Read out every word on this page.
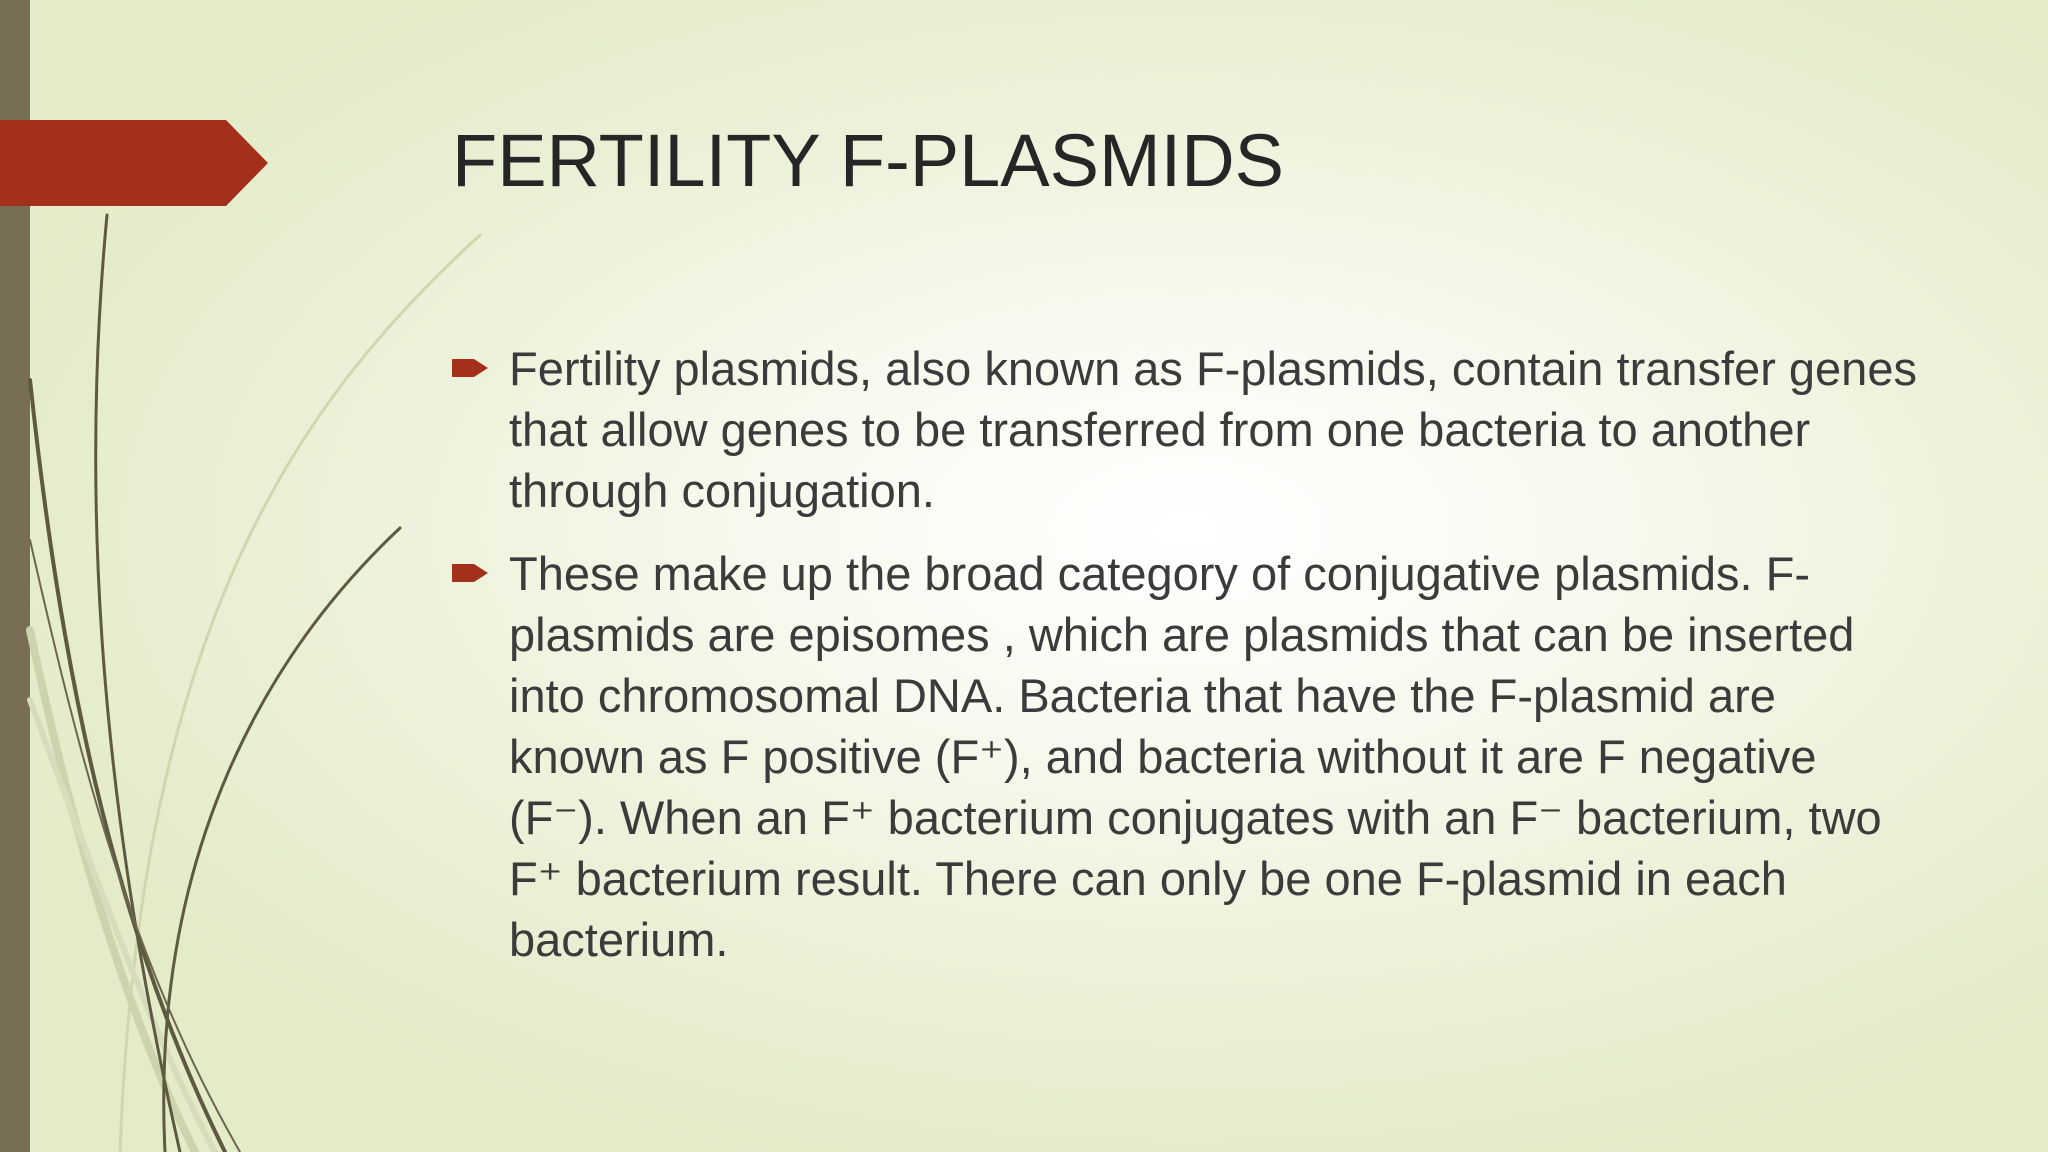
FERTILITY F-PLASMIDS
Fertility plasmids, also known as F-plasmids, contain transfer genes that allow genes to be transferred from one bacteria to another through conjugation.
These make up the broad category of conjugative plasmids. F-plasmids are episomes , which are plasmids that can be inserted into chromosomal DNA. Bacteria that have the F-plasmid are known as F positive (F⁺), and bacteria without it are F negative (F⁻). When an F⁺ bacterium conjugates with an F⁻ bacterium, two F⁺ bacterium result. There can only be one F-plasmid in each bacterium.
